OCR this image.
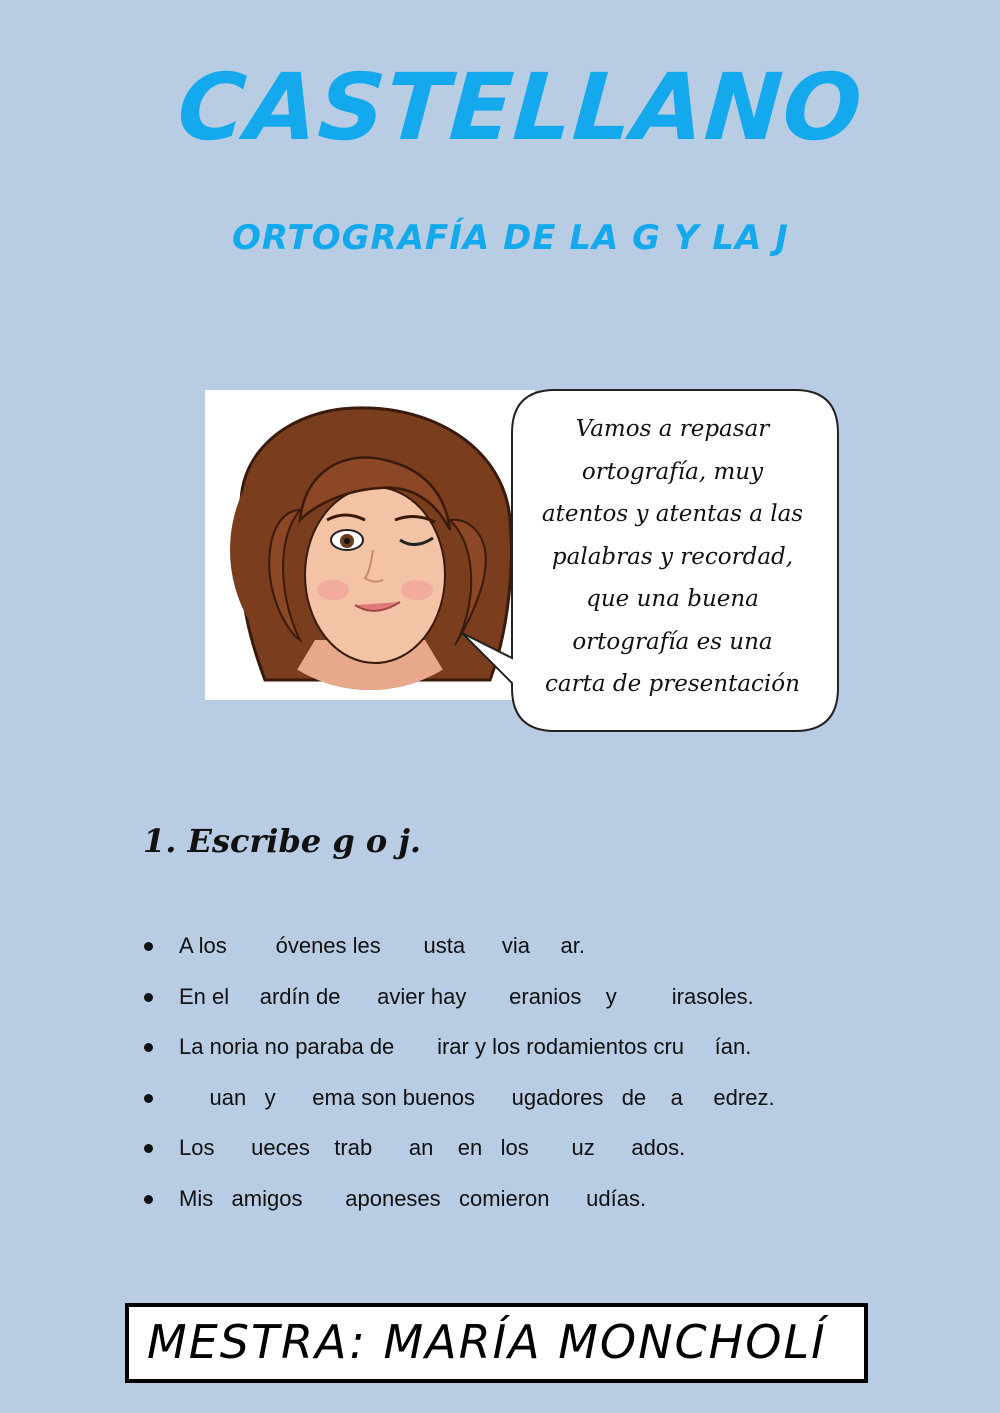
CASTELLANO
ORTOGRAFÍA DE LA G Y LA J
Vamos a repasar
ortografía, muy
atentos y atentas a las
palabras y recordad,
que una buena
ortografía es una
carta de presentación
1. Escribe g o j.
A los        óvenes les       usta      via     ar.
En el     ardín de      avier hay       eranios    y         irasoles.
La noria no paraba de       irar y los rodamientos cru     ían.
uan   y      ema son buenos      ugadores   de    a     edrez.
Los      ueces    trab      an    en   los       uz      ados.
Mis   amigos       aponeses   comieron      udías.
MESTRA: MARÍA MONCHOLÍ
